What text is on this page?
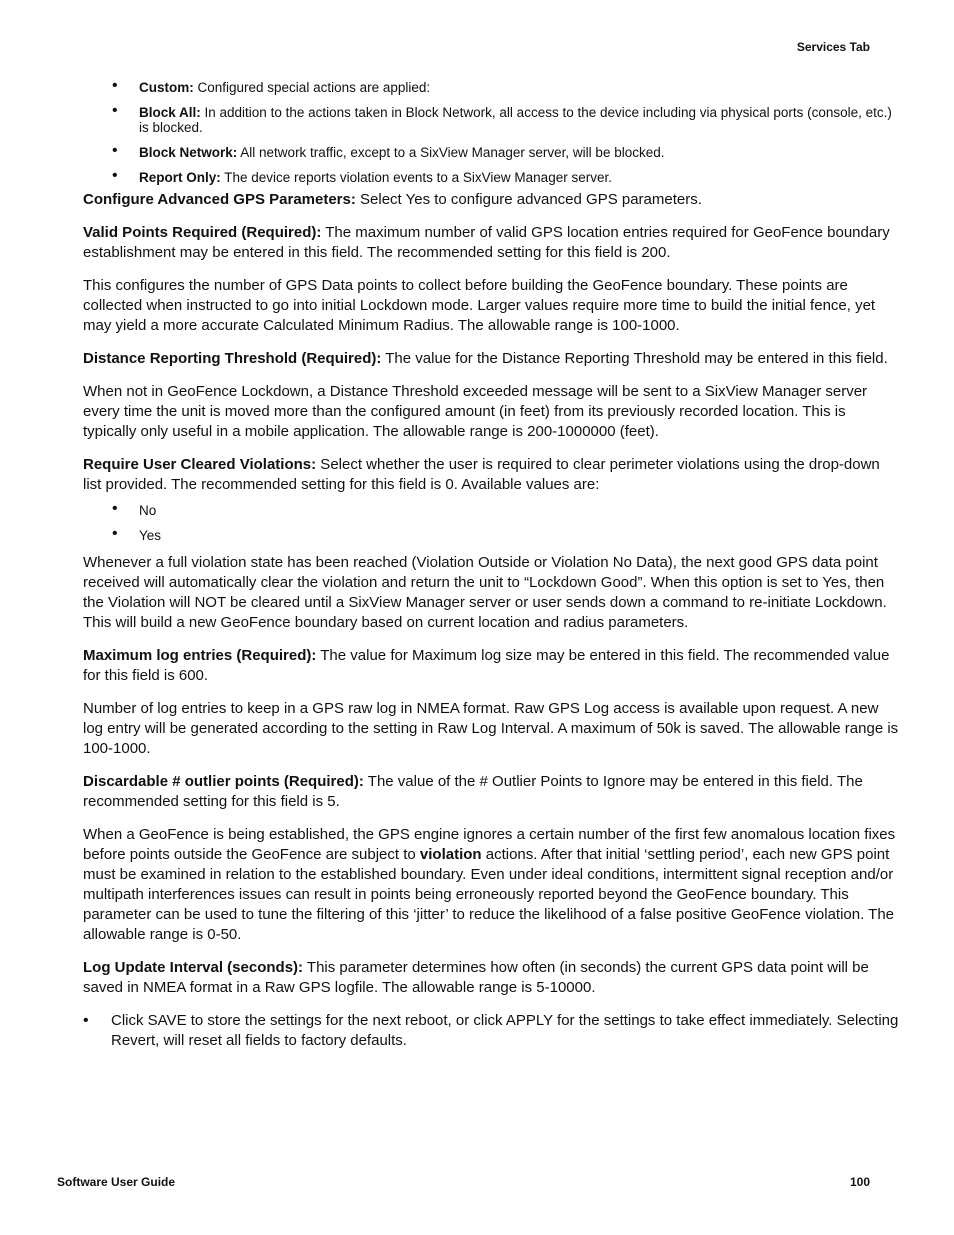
Services Tab
• Custom: Configured special actions are applied:
• Block All: In addition to the actions taken in Block Network, all access to the device including via physical ports (console, etc.) is blocked.
• Block Network: All network traffic, except to a SixView Manager server, will be blocked.
• Report Only: The device reports violation events to a SixView Manager server.

Configure Advanced GPS Parameters: Select Yes to configure advanced GPS parameters.

Valid Points Required (Required): The maximum number of valid GPS location entries required for GeoFence boundary establishment may be entered in this field. The recommended setting for this field is 200.

This configures the number of GPS Data points to collect before building the GeoFence boundary. These points are collected when instructed to go into initial Lockdown mode. Larger values require more time to build the initial fence, yet may yield a more accurate Calculated Minimum Radius. The allowable range is 100-1000.

Distance Reporting Threshold (Required): The value for the Distance Reporting Threshold may be entered in this field.

When not in GeoFence Lockdown, a Distance Threshold exceeded message will be sent to a SixView Manager server every time the unit is moved more than the configured amount (in feet) from its previously recorded location. This is typically only useful in a mobile application. The allowable range is 200-1000000 (feet).

Require User Cleared Violations: Select whether the user is required to clear perimeter violations using the drop-down list provided. The recommended setting for this field is 0. Available values are:

• No
• Yes

Whenever a full violation state has been reached (Violation Outside or Violation No Data), the next good GPS data point received will automatically clear the violation and return the unit to “Lockdown Good”. When this option is set to Yes, then the Violation will NOT be cleared until a SixView Manager server or user sends down a command to re-initiate Lockdown. This will build a new GeoFence boundary based on current location and radius parameters.

Maximum log entries (Required): The value for Maximum log size may be entered in this field. The recommended value for this field is 600.

Number of log entries to keep in a GPS raw log in NMEA format. Raw GPS Log access is available upon request. A new log entry will be generated according to the setting in Raw Log Interval. A maximum of 50k is saved. The allowable range is 100-1000.

Discardable # outlier points (Required): The value of the # Outlier Points to Ignore may be entered in this field. The recommended setting for this field is 5.

When a GeoFence is being established, the GPS engine ignores a certain number of the first few anomalous location fixes before points outside the GeoFence are subject to violation actions. After that initial ‘settling period’, each new GPS point must be examined in relation to the established boundary. Even under ideal conditions, intermittent signal reception and/or multipath interferences issues can result in points being erroneously reported beyond the GeoFence boundary. This parameter can be used to tune the filtering of this ‘jitter’ to reduce the likelihood of a false positive GeoFence violation. The allowable range is 0-50.

Log Update Interval (seconds): This parameter determines how often (in seconds) the current GPS data point will be saved in NMEA format in a Raw GPS logfile. The allowable range is 5-10000.

• Click SAVE to store the settings for the next reboot, or click APPLY for the settings to take effect immediately. Selecting Revert, will reset all fields to factory defaults.
Software User Guide	100
